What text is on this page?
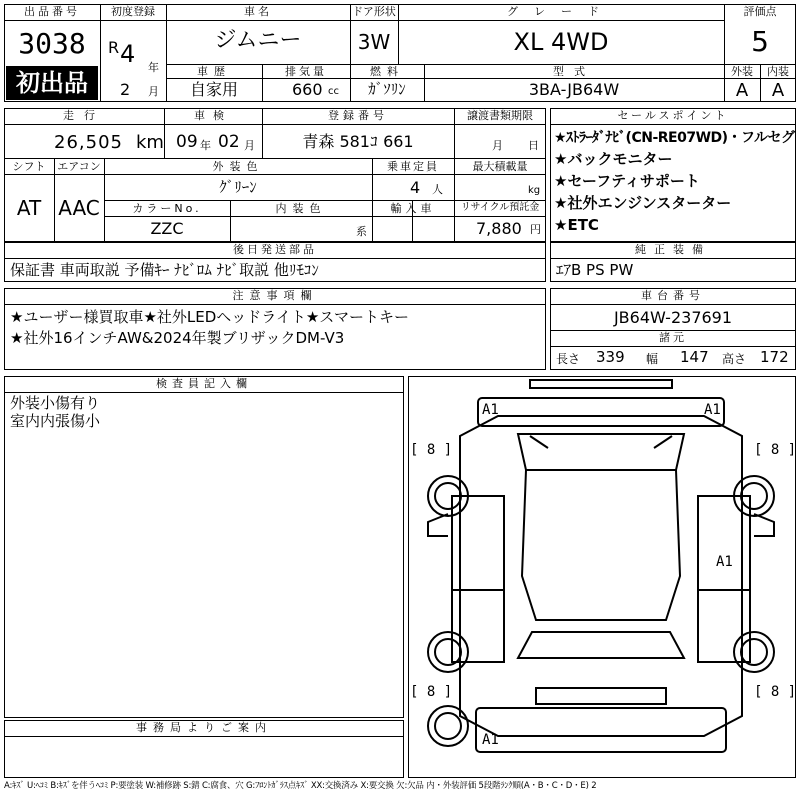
出品番号
3038
初出品
初度登録
R 4 年
2 月
車名
ジムニー
ドア形状
3W
グレード
XL 4WD
評価点
5
車歴
自家用
排気量
660 cc
燃料
ｶﾞｿﾘﾝ
型式
3BA-JB64W
外装
A
内装
A
走行
26,505 km
車検
09 年 02 月
登録番号
青森 581ｺ 661
譲渡書類期限
月 日
シフト
AT
エアコン
AAC
外装色
ｸﾞﾘｰﾝ
乗車定員
4 人
最大積載量
kg
カラーNo.
ZZC
内装色
系
輸入車	リサイクル預託金
7,880 円
セールスポイント
★ｽﾄﾗｰﾀﾞﾅﾋﾞ(CN-RE07WD)・フルセグ
★バックモニター
★セーフティサポート
★社外エンジンスターター
★ETC
後日発送部品
保証書 車両取説 予備ｷｰ ﾅﾋﾞﾛﾑ ﾅﾋﾞ取説 他ﾘﾓｺﾝ
純正装備
ｴｱB PS PW
注意事項欄
★ユーザー様買取車★社外LEDヘッドライト★スマートキー
★社外16インチAW&2024年製ブリザックDM-V3
車台番号
JB64W-237691
諸元
長さ 339 幅 147 高さ 172
検査員記入欄
外装小傷有り
室内内張傷小
事務局よりご案内
A1	A1
A1
A1
[ 8 ]	[ 8 ]
[ 8 ]	[ 8 ]
A:ｷｽﾞ U:ﾍｺﾐ B:ｷｽﾞを伴うﾍｺﾐ P:要塗装 W:補修跡 S:錆 C:腐食、穴 G:ﾌﾛﾝﾄｶﾞﾗｽ点ｷｽﾞ XX:交換済み X:要交換 欠:欠品 内・外装評価 5段階ﾗﾝｸ順(A・B・C・D・E) 2
